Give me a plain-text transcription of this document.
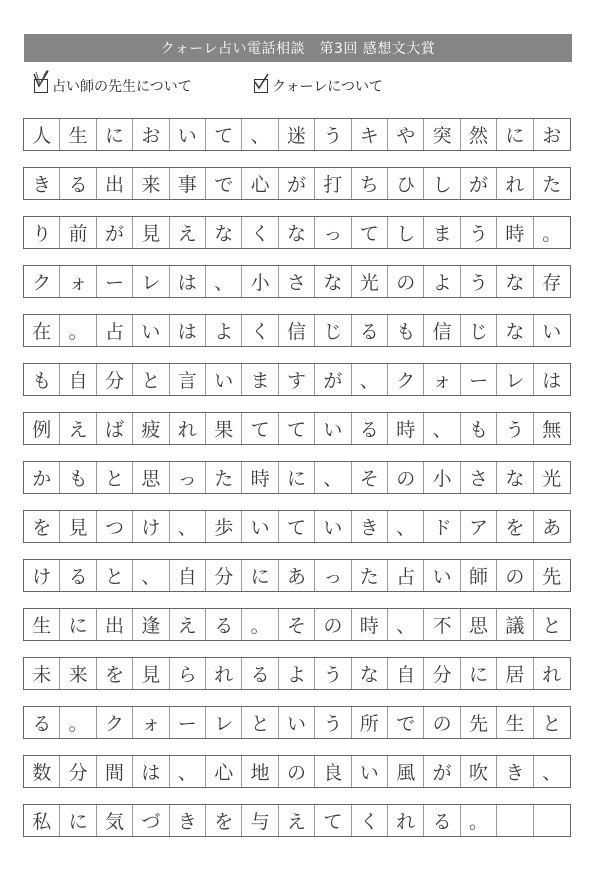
クォーレ占い電話相談　第3回 感想文大賞
占い師の先生について	クォーレについて
人 生 に お い て 、 迷 う キ や 突 然 に お
き る 出 来 事 で 心 が 打 ち ひ し が れ た
り 前 が 見 え な く な っ て し ま う 時 。
ク ォ ー レ は 、 小 さ な 光 の よ う な 存
在 。 占 い は よ く 信 じ る も 信 じ な い
も 自 分 と 言 い ま す が 、 ク ォ ー レ は
例 え ば 疲 れ 果 て て い る 時 、 も う 無
か も と 思 っ た 時 に 、 そ の 小 さ な 光
を 見 つ け 、 歩 い て い き 、 ド ア を あ
け る と 、 自 分 に あ っ た 占 い 師 の 先
生 に 出 逢 え る 。 そ の 時 、 不 思 議 と
未 来 を 見 ら れ る よ う な 自 分 に 居 れ
る 。 ク ォ ー レ と い う 所 で の 先 生 と
数 分 間 は 、 心 地 の 良 い 風 が 吹 き 、
私 に 気 づ き を 与 え て く れ る 。
